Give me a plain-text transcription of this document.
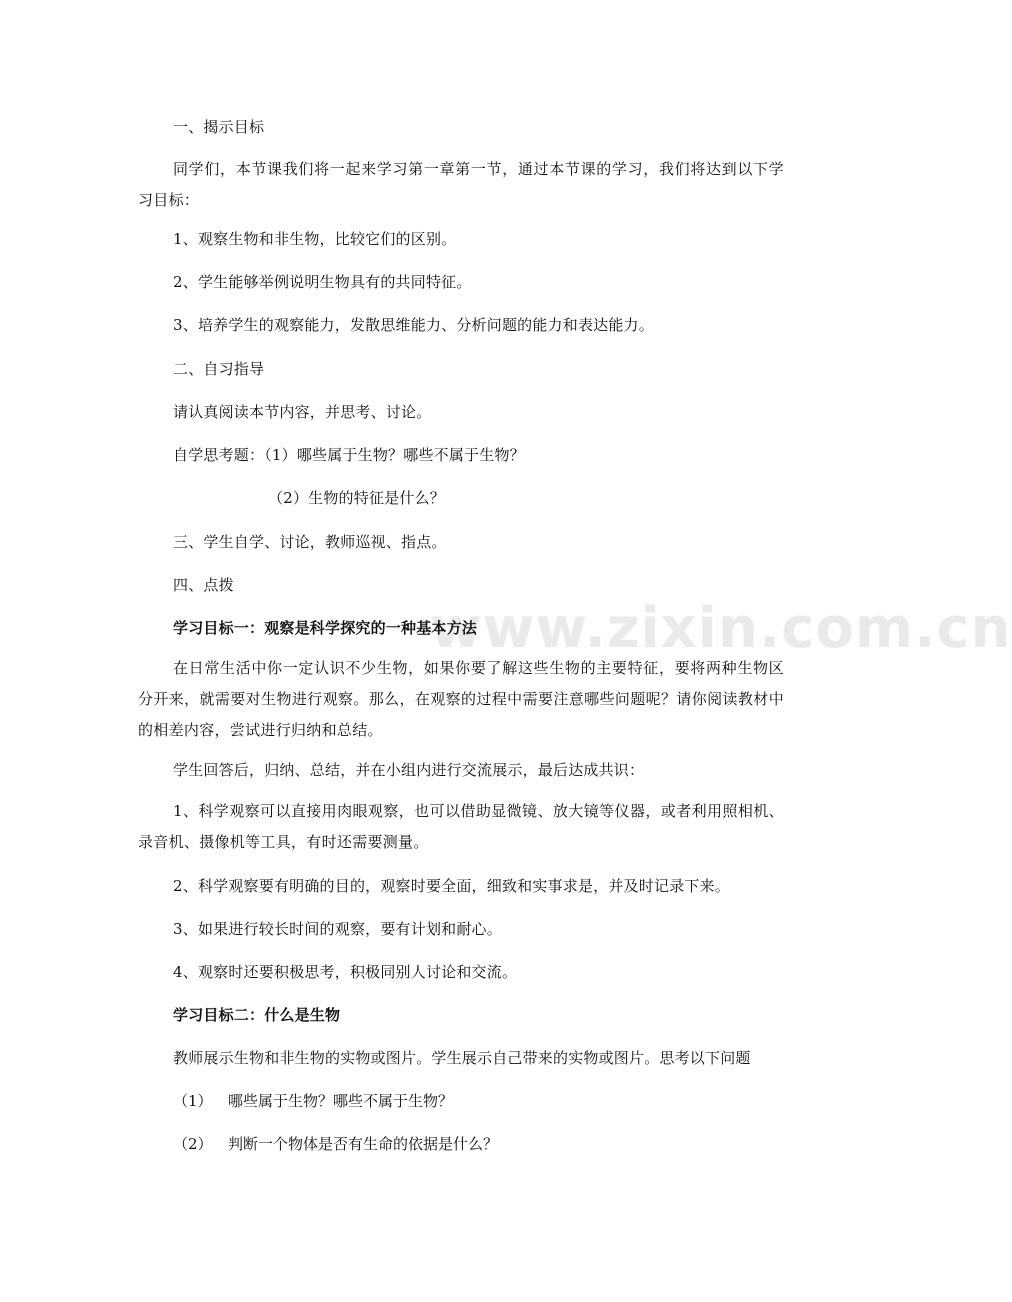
www.zixin.com.cn
一、揭示目标
同学们，本节课我们将一起来学习第一章第一节，通过本节课的学习，我们将达到以下学习目标：
1、观察生物和非生物，比较它们的区别。
2、学生能够举例说明生物具有的共同特征。
3、培养学生的观察能力，发散思维能力、分析问题的能力和表达能力。
二、自习指导
请认真阅读本节内容，并思考、讨论。
自学思考题：（1）哪些属于生物？哪些不属于生物？
（2）生物的特征是什么？
三、学生自学、讨论，教师巡视、指点。
四、点拨
学习目标一：观察是科学探究的一种基本方法
在日常生活中你一定认识不少生物，如果你要了解这些生物的主要特征，要将两种生物区分开来，就需要对生物进行观察。那么，在观察的过程中需要注意哪些问题呢？请你阅读教材中的相差内容，尝试进行归纳和总结。
学生回答后，归纳、总结，并在小组内进行交流展示，最后达成共识：
1、科学观察可以直接用肉眼观察，也可以借助显微镜、放大镜等仪器，或者利用照相机、录音机、摄像机等工具，有时还需要测量。
2、科学观察要有明确的目的，观察时要全面，细致和实事求是，并及时记录下来。
3、如果进行较长时间的观察，要有计划和耐心。
4、观察时还要积极思考，积极同别人讨论和交流。
学习目标二：什么是生物
教师展示生物和非生物的实物或图片。学生展示自己带来的实物或图片。思考以下问题
（1） 哪些属于生物？哪些不属于生物？
（2） 判断一个物体是否有生命的依据是什么？
